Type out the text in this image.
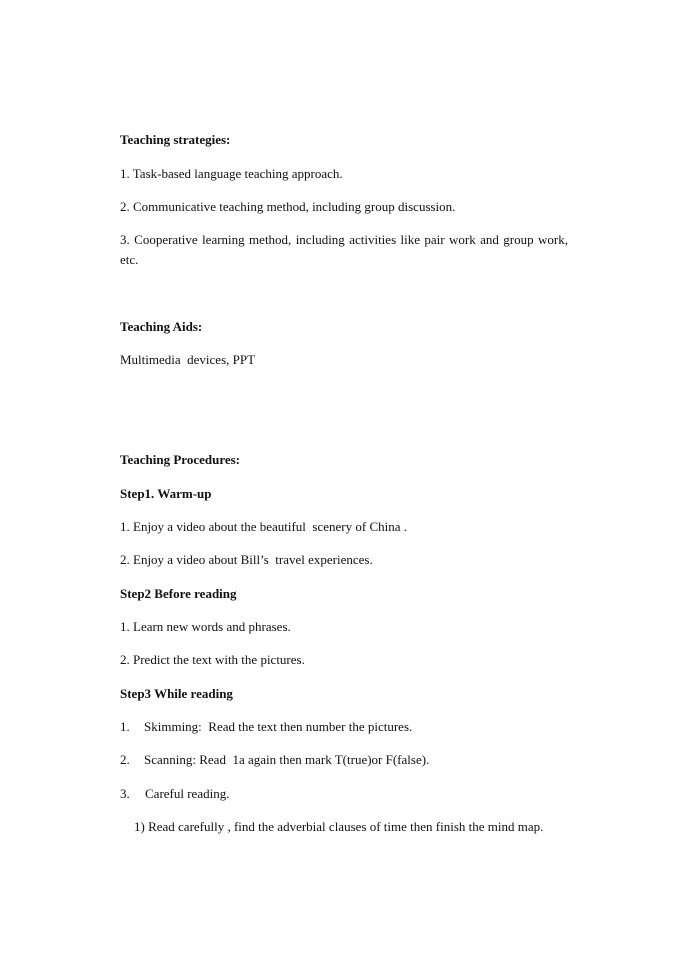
Teaching strategies:
1. Task-based language teaching approach.
2. Communicative teaching method, including group discussion.
3. Cooperative learning method, including activities like pair work and group work, etc.
Teaching Aids:
Multimedia  devices, PPT
Teaching Procedures:
Step1. Warm-up
1. Enjoy a video about the beautiful  scenery of China .
2. Enjoy a video about Bill’s  travel experiences.
Step2 Before reading
1. Learn new words and phrases.
2. Predict the text with the pictures.
Step3 While reading
1. Skimming:  Read the text then number the pictures.
2. Scanning: Read  1a again then mark T(true)or F(false).
3. Careful reading.
1) Read carefully , find the adverbial clauses of time then finish the mind map.
